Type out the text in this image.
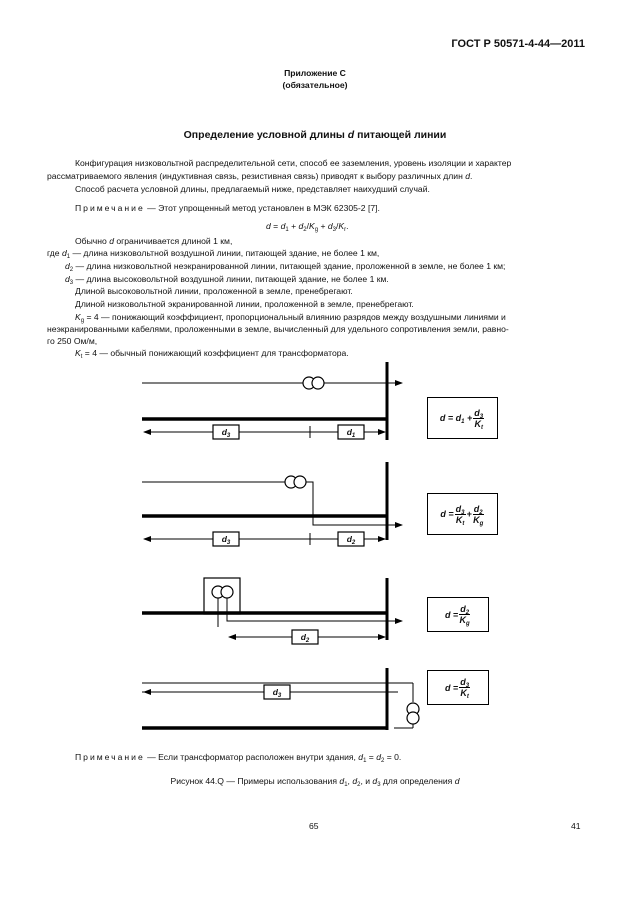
ГОСТ Р 50571-4-44—2011
Приложение С
(обязательное)
Определение условной длины d питающей линии
Конфигурация низковольтной распределительной сети, способ ее заземления, уровень изоляции и характер
рассматриваемого явления (индуктивная связь, резистивная связь) приводят к выбору различных длин d.
Способ расчета условной длины, предлагаемый ниже, представляет наихудший случай.
Примечание — Этот упрощенный метод установлен в МЭК 62305-2 [7].
$d = d_1 + d_2/K_g + d_3/K_r$.
Обычно d ограничивается длиной 1 км,
где $d_1$ — длина низковольтной воздушной линии, питающей здание, не более 1 км,
$d_2$ — длина низковольтной неэкранированной линии, питающей здание, проложенной в земле, не более 1 км;
$d_3$ — длина высоковольтной воздушной линии, питающей здание, не более 1 км.
Длиной высоковольтной линии, проложенной в земле, пренебрегают.
Длиной низковольтной экранированной линии, проложенной в земле, пренебрегают.
$K_g = 4$ — понижающий коэффициент, пропорциональный влиянию разрядов между воздушными линиями и
неэкранированными кабелями, проложенными в земле, вычисленный для удельного сопротивления земли, равно-
го 250 Ом/м,
$K_t = 4$ — обычный понижающий коэффициент для трансформатора.
$d_3$	$d_1$
$d_3$	$d_2$
$d_2$
$d_3$
$d = d_1 + \frac{d_3}{K_t}$
$d = \frac{d_3}{K_t} + \frac{d_2}{K_g}$
$d = \frac{d_2}{K_g}$
$d = \frac{d_3}{K_t}$
Примечание — Если трансформатор расположен внутри здания, $d_1 = d_2 = 0$.
Рисунок 44.Q — Примеры использования $d_1$, $d_2$, и $d_3$ для определения d
65	41
